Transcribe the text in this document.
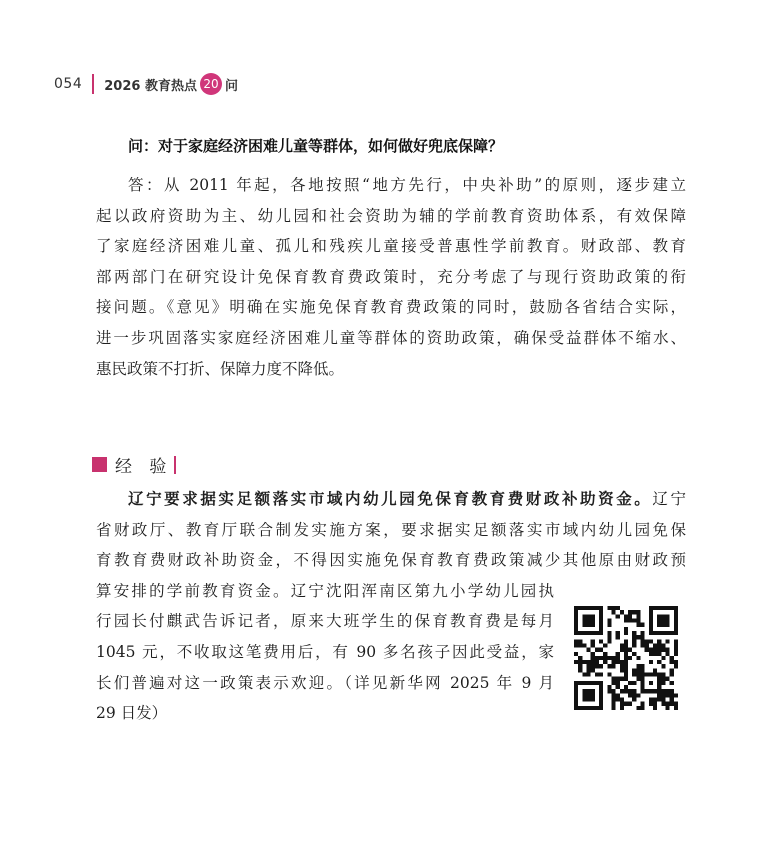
054 2026 教育热点 20 问
问：对于家庭经济困难儿童等群体，如何做好兜底保障？

答：从 2011 年起，各地按照“地方先行，中央补助”的原则，逐步建立
起以政府资助为主、幼儿园和社会资助为辅的学前教育资助体系，有效保障
了家庭经济困难儿童、孤儿和残疾儿童接受普惠性学前教育。财政部、教育
部两部门在研究设计免保育教育费政策时，充分考虑了与现行资助政策的衔
接问题。《意见》明确在实施免保育教育费政策的同时，鼓励各省结合实际，
进一步巩固落实家庭经济困难儿童等群体的资助政策，确保受益群体不缩水、
惠民政策不打折、保障力度不降低。

经 验

辽宁要求据实足额落实市域内幼儿园免保育教育费财政补助资金。辽宁
省财政厅、教育厅联合制发实施方案，要求据实足额落实市域内幼儿园免保
育教育费财政补助资金，不得因实施免保育教育费政策减少其他原由财政预
算安排的学前教育资金。辽宁沈阳浑南区第九小学幼儿园执
行园长付麒武告诉记者，原来大班学生的保育教育费是每月
1045 元，不收取这笔费用后，有 90 多名孩子因此受益，家
长们普遍对这一政策表示欢迎。（详见新华网 2025 年 9 月
29 日发）
